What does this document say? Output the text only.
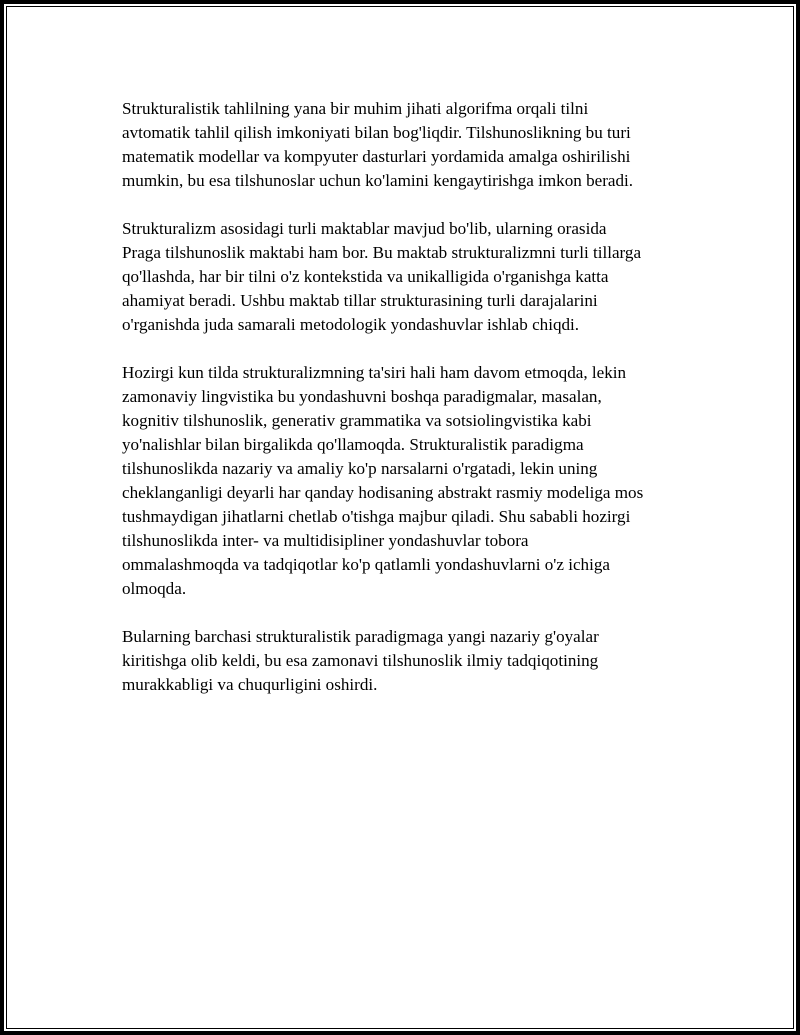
Strukturalistik tahlilning yana bir muhim jihati algorifma orqali tilni
avtomatik tahlil qilish imkoniyati bilan bog'liqdir. Tilshunoslikning bu turi
matematik modellar va kompyuter dasturlari yordamida amalga oshirilishi
mumkin, bu esa tilshunoslar uchun ko'lamini kengaytirishga imkon beradi.

Strukturalizm asosidagi turli maktablar mavjud bo'lib, ularning orasida
Praga tilshunoslik maktabi ham bor. Bu maktab strukturalizmni turli tillarga
qo'llashda, har bir tilni o'z kontekstida va unikalligida o'rganishga katta
ahamiyat beradi. Ushbu maktab tillar strukturasining turli darajalarini
o'rganishda juda samarali metodologik yondashuvlar ishlab chiqdi.

Hozirgi kun tilda strukturalizmning ta'siri hali ham davom etmoqda, lekin
zamonaviy lingvistika bu yondashuvni boshqa paradigmalar, masalan,
kognitiv tilshunoslik, generativ grammatika va sotsiolingvistika kabi
yo'nalishlar bilan birgalikda qo'llamoqda. Strukturalistik paradigma
tilshunoslikda nazariy va amaliy ko'p narsalarni o'rgatadi, lekin uning
cheklanganligi deyarli har qanday hodisaning abstrakt rasmiy modeliga mos
tushmaydigan jihatlarni chetlab o'tishga majbur qiladi. Shu sababli hozirgi
tilshunoslikda inter- va multidisipliner yondashuvlar tobora
ommalashmoqda va tadqiqotlar ko'p qatlamli yondashuvlarni o'z ichiga
olmoqda.

Bularning barchasi strukturalistik paradigmaga yangi nazariy g'oyalar
kiritishga olib keldi, bu esa zamonavi tilshunoslik ilmiy tadqiqotining
murakkabligi va chuqurligini oshirdi.
